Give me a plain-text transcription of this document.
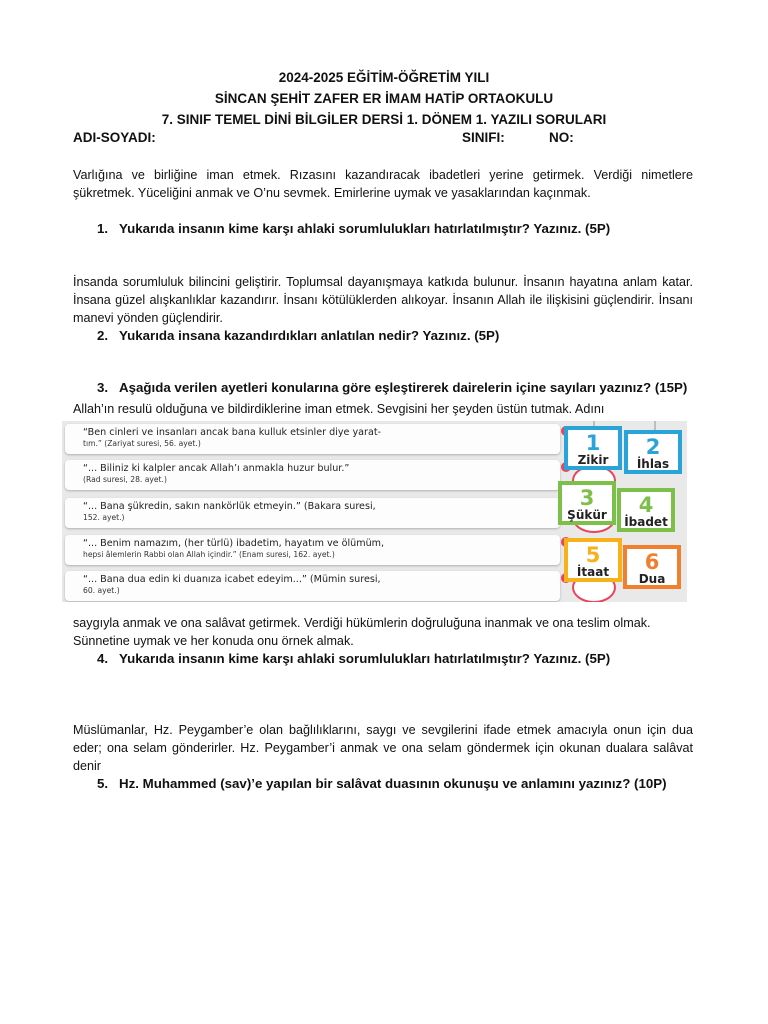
2024-2025 EĞİTİM-ÖĞRETİM YILI
SİNCAN ŞEHİT ZAFER ER İMAM HATİP ORTAOKULU
7. SINIF TEMEL DİNİ BİLGİLER DERSİ 1. DÖNEM 1. YAZILI SORULARI
ADI-SOYADI:	SINIFI:	NO:
Varlığına ve birliğine iman etmek. Rızasını kazandıracak ibadetleri yerine getirmek. Verdiği nimetlere şükretmek. Yüceliğini anmak ve O’nu sevmek. Emirlerine uymak ve yasaklarından kaçınmak.
1. Yukarıda insanın kime karşı ahlaki sorumlulukları hatırlatılmıştır? Yazınız. (5P)
İnsanda sorumluluk bilincini geliştirir. Toplumsal dayanışmaya katkıda bulunur. İnsanın hayatına anlam katar. İnsana güzel alışkanlıklar kazandırır. İnsanı kötülüklerden alıkoyar. İnsanın Allah ile ilişkisini güçlendirir. İnsanı manevi yönden güçlendirir.
2. Yukarıda insana kazandırdıkları anlatılan nedir? Yazınız. (5P)
3. Aşağıda verilen ayetleri konularına göre eşleştirerek dairelerin içine sayıları yazınız? (15P)
Allah’ın resulü olduğuna ve bildirdiklerine iman etmek. Sevgisini her şeyden üstün tutmak. Adını
“Ben cinleri ve insanları ancak bana kulluk etsinler diye yarat-
tım.” (Zariyat suresi, 56. ayet.)
“... Biliniz ki kalpler ancak Allah’ı anmakla huzur bulur.”
(Rad suresi, 28. ayet.)
“... Bana şükredin, sakın nankörlük etmeyin.” (Bakara suresi,
152. ayet.)
“... Benim namazım, (her türlü) ibadetim, hayatım ve ölümüm,
hepsi âlemlerin Rabbi olan Allah içindir.” (Enam suresi, 162. ayet.)
“... Bana dua edin ki duanıza icabet edeyim...” (Mümin suresi,
60. ayet.)
1
Zikir
2
İhlas
3
Şükür	4
İbadet
5
İtaat	6
Dua
saygıyla anmak ve ona salâvat getirmek. Verdiği hükümlerin doğruluğuna inanmak ve ona teslim olmak. Sünnetine uymak ve her konuda onu örnek almak.
4. Yukarıda insanın kime karşı ahlaki sorumlulukları hatırlatılmıştır? Yazınız. (5P)
Müslümanlar, Hz. Peygamber’e olan bağlılıklarını, saygı ve sevgilerini ifade etmek amacıyla onun için dua eder; ona selam gönderirler. Hz. Peygamber’i anmak ve ona selam göndermek için okunan dualara salâvat denir
5. Hz. Muhammed (sav)’e yapılan bir salâvat duasının okunuşu ve anlamını yazınız? (10P)
